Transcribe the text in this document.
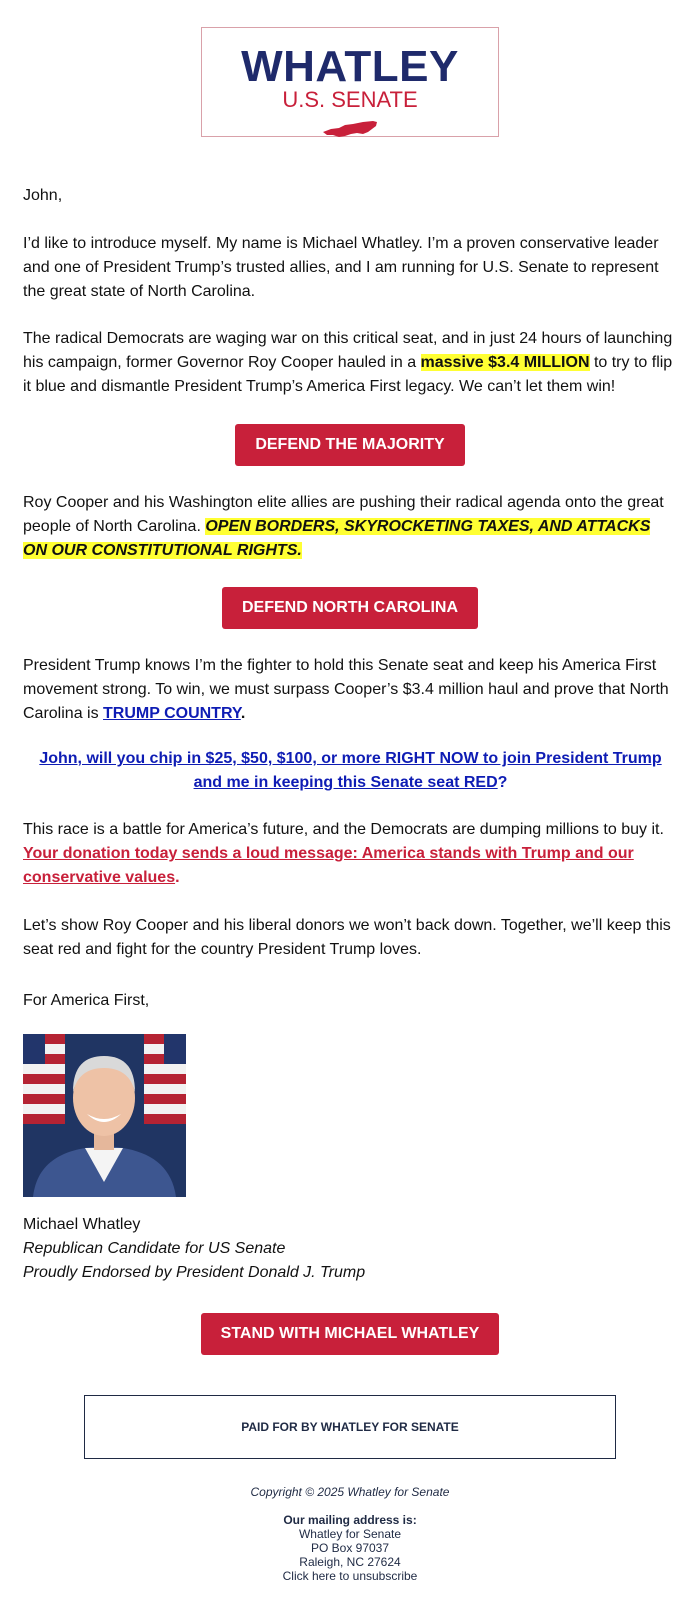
WHATLEY
U.S. SENATE
John,
I’d like to introduce myself. My name is Michael Whatley. I’m a proven conservative leader and one of President Trump’s trusted allies, and I am running for U.S. Senate to represent the great state of North Carolina.
The radical Democrats are waging war on this critical seat, and in just 24 hours of launching his campaign, former Governor Roy Cooper hauled in a massive $3.4 MILLION to try to flip it blue and dismantle President Trump’s America First legacy. We can’t let them win!
DEFEND THE MAJORITY
Roy Cooper and his Washington elite allies are pushing their radical agenda onto the great people of North Carolina. OPEN BORDERS, SKYROCKETING TAXES, AND ATTACKS ON OUR CONSTITUTIONAL RIGHTS.
DEFEND NORTH CAROLINA
President Trump knows I’m the fighter to hold this Senate seat and keep his America First movement strong. To win, we must surpass Cooper’s $3.4 million haul and prove that North Carolina is TRUMP COUNTRY.
John, will you chip in $25, $50, $100, or more RIGHT NOW to join President Trump and me in keeping this Senate seat RED?
This race is a battle for America’s future, and the Democrats are dumping millions to buy it. Your donation today sends a loud message: America stands with Trump and our conservative values.
Let’s show Roy Cooper and his liberal donors we won’t back down. Together, we’ll keep this seat red and fight for the country President Trump loves.
For America First,
Michael Whatley
Republican Candidate for US Senate
Proudly Endorsed by President Donald J. Trump
STAND WITH MICHAEL WHATLEY
PAID FOR BY WHATLEY FOR SENATE
Copyright © 2025 Whatley for Senate
Our mailing address is:
Whatley for Senate
PO Box 97037
Raleigh, NC 27624
Click here to unsubscribe
